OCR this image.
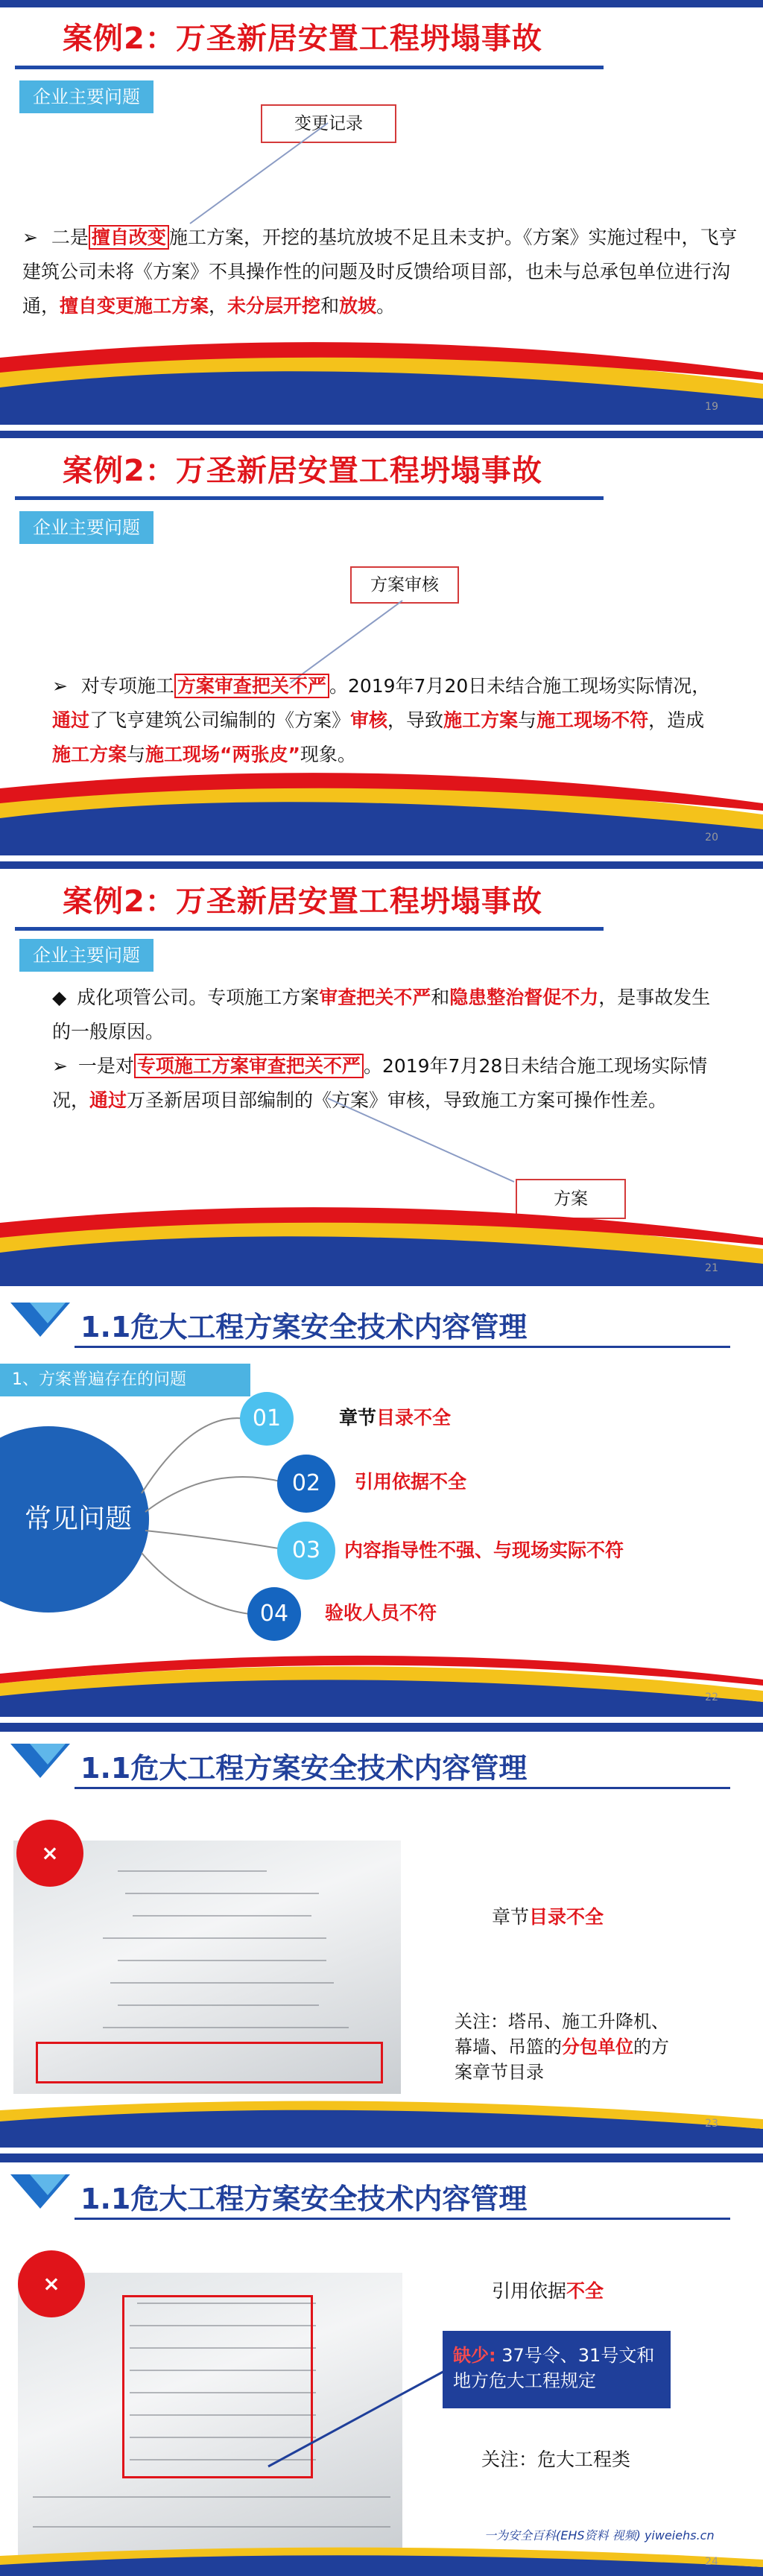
案例2：万圣新居安置工程坍塌事故
企业主要问题
变更记录
➢ 二是 擅自改变 施工方案，开挖的基坑放坡不足且未支护。《方案》实施过程中，飞亨建筑公司未将《方案》不具操作性的问题及时反馈给项目部，也未与总承包单位进行沟通，擅自变更施工方案，未分层开挖和放坡。
19
案例2：万圣新居安置工程坍塌事故
企业主要问题
方案审核
➢ 对专项施工 方案审查把关不严 。2019年7月20日未结合施工现场实际情况，通过了飞亨建筑公司编制的《方案》审核，导致施工方案与施工现场不符，造成施工方案与施工现场“两张皮”现象。
20
案例2：万圣新居安置工程坍塌事故
企业主要问题
◆ 成化项管公司。专项施工方案审查把关不严和隐患整治督促不力，是事故发生的一般原因。
➢ 一是对 专项施工方案审查把关不严 。2019年7月28日未结合施工现场实际情况，通过万圣新居项目部编制的《方案》审核，导致施工方案可操作性差。
方案
21
1.1危大工程方案安全技术内容管理
1、方案普遍存在的问题
常见问题
01	章节目录不全
02	引用依据不全
03	内容指导性不强、与现场实际不符
04	验收人员不符
22
1.1危大工程方案安全技术内容管理
×
章节目录不全
关注：塔吊、施工升降机、幕墙、吊篮的分包单位的方案章节目录
23
1.1危大工程方案安全技术内容管理
×	引用依据不全
缺少: 37号令、31号文和地方危大工程规定
关注：危大工程类
一为安全百科(EHS资料 视频) yiweiehs.cn
24
